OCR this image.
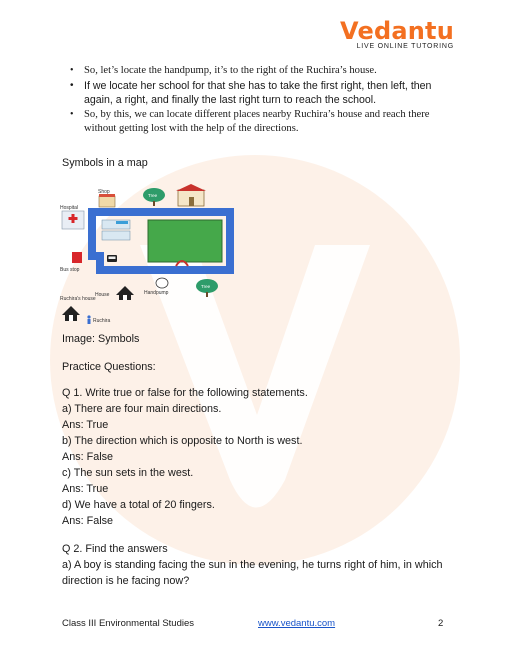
Vedantu
LIVE ONLINE TUTORING
• So, let’s locate the handpump, it’s to the right of the Ruchira’s house.
• If we locate her school for that she has to take the first right, then left, then again, a right, and finally the last right turn to reach the school.
• So, by this, we can locate different places nearby Ruchira’s house and reach there without getting lost with the help of the directions.
Symbols in a map
Shop
Tree
Hospital
Bus stop
Handpump
House
Tree
Ruchira's house
Ruchira
Image: Symbols
Practice Questions:
Q 1. Write true or false for the following statements.
a) There are four main directions.
Ans: True
b) The direction which is opposite to North is west.
Ans: False
c) The sun sets in the west.
Ans: True
d) We have a total of 20 fingers.
Ans: False
Q 2. Find the answers
a) A boy is standing facing the sun in the evening, he turns right of him, in which
direction is he facing now?
Class III Environmental Studies	www.vedantu.com	2
